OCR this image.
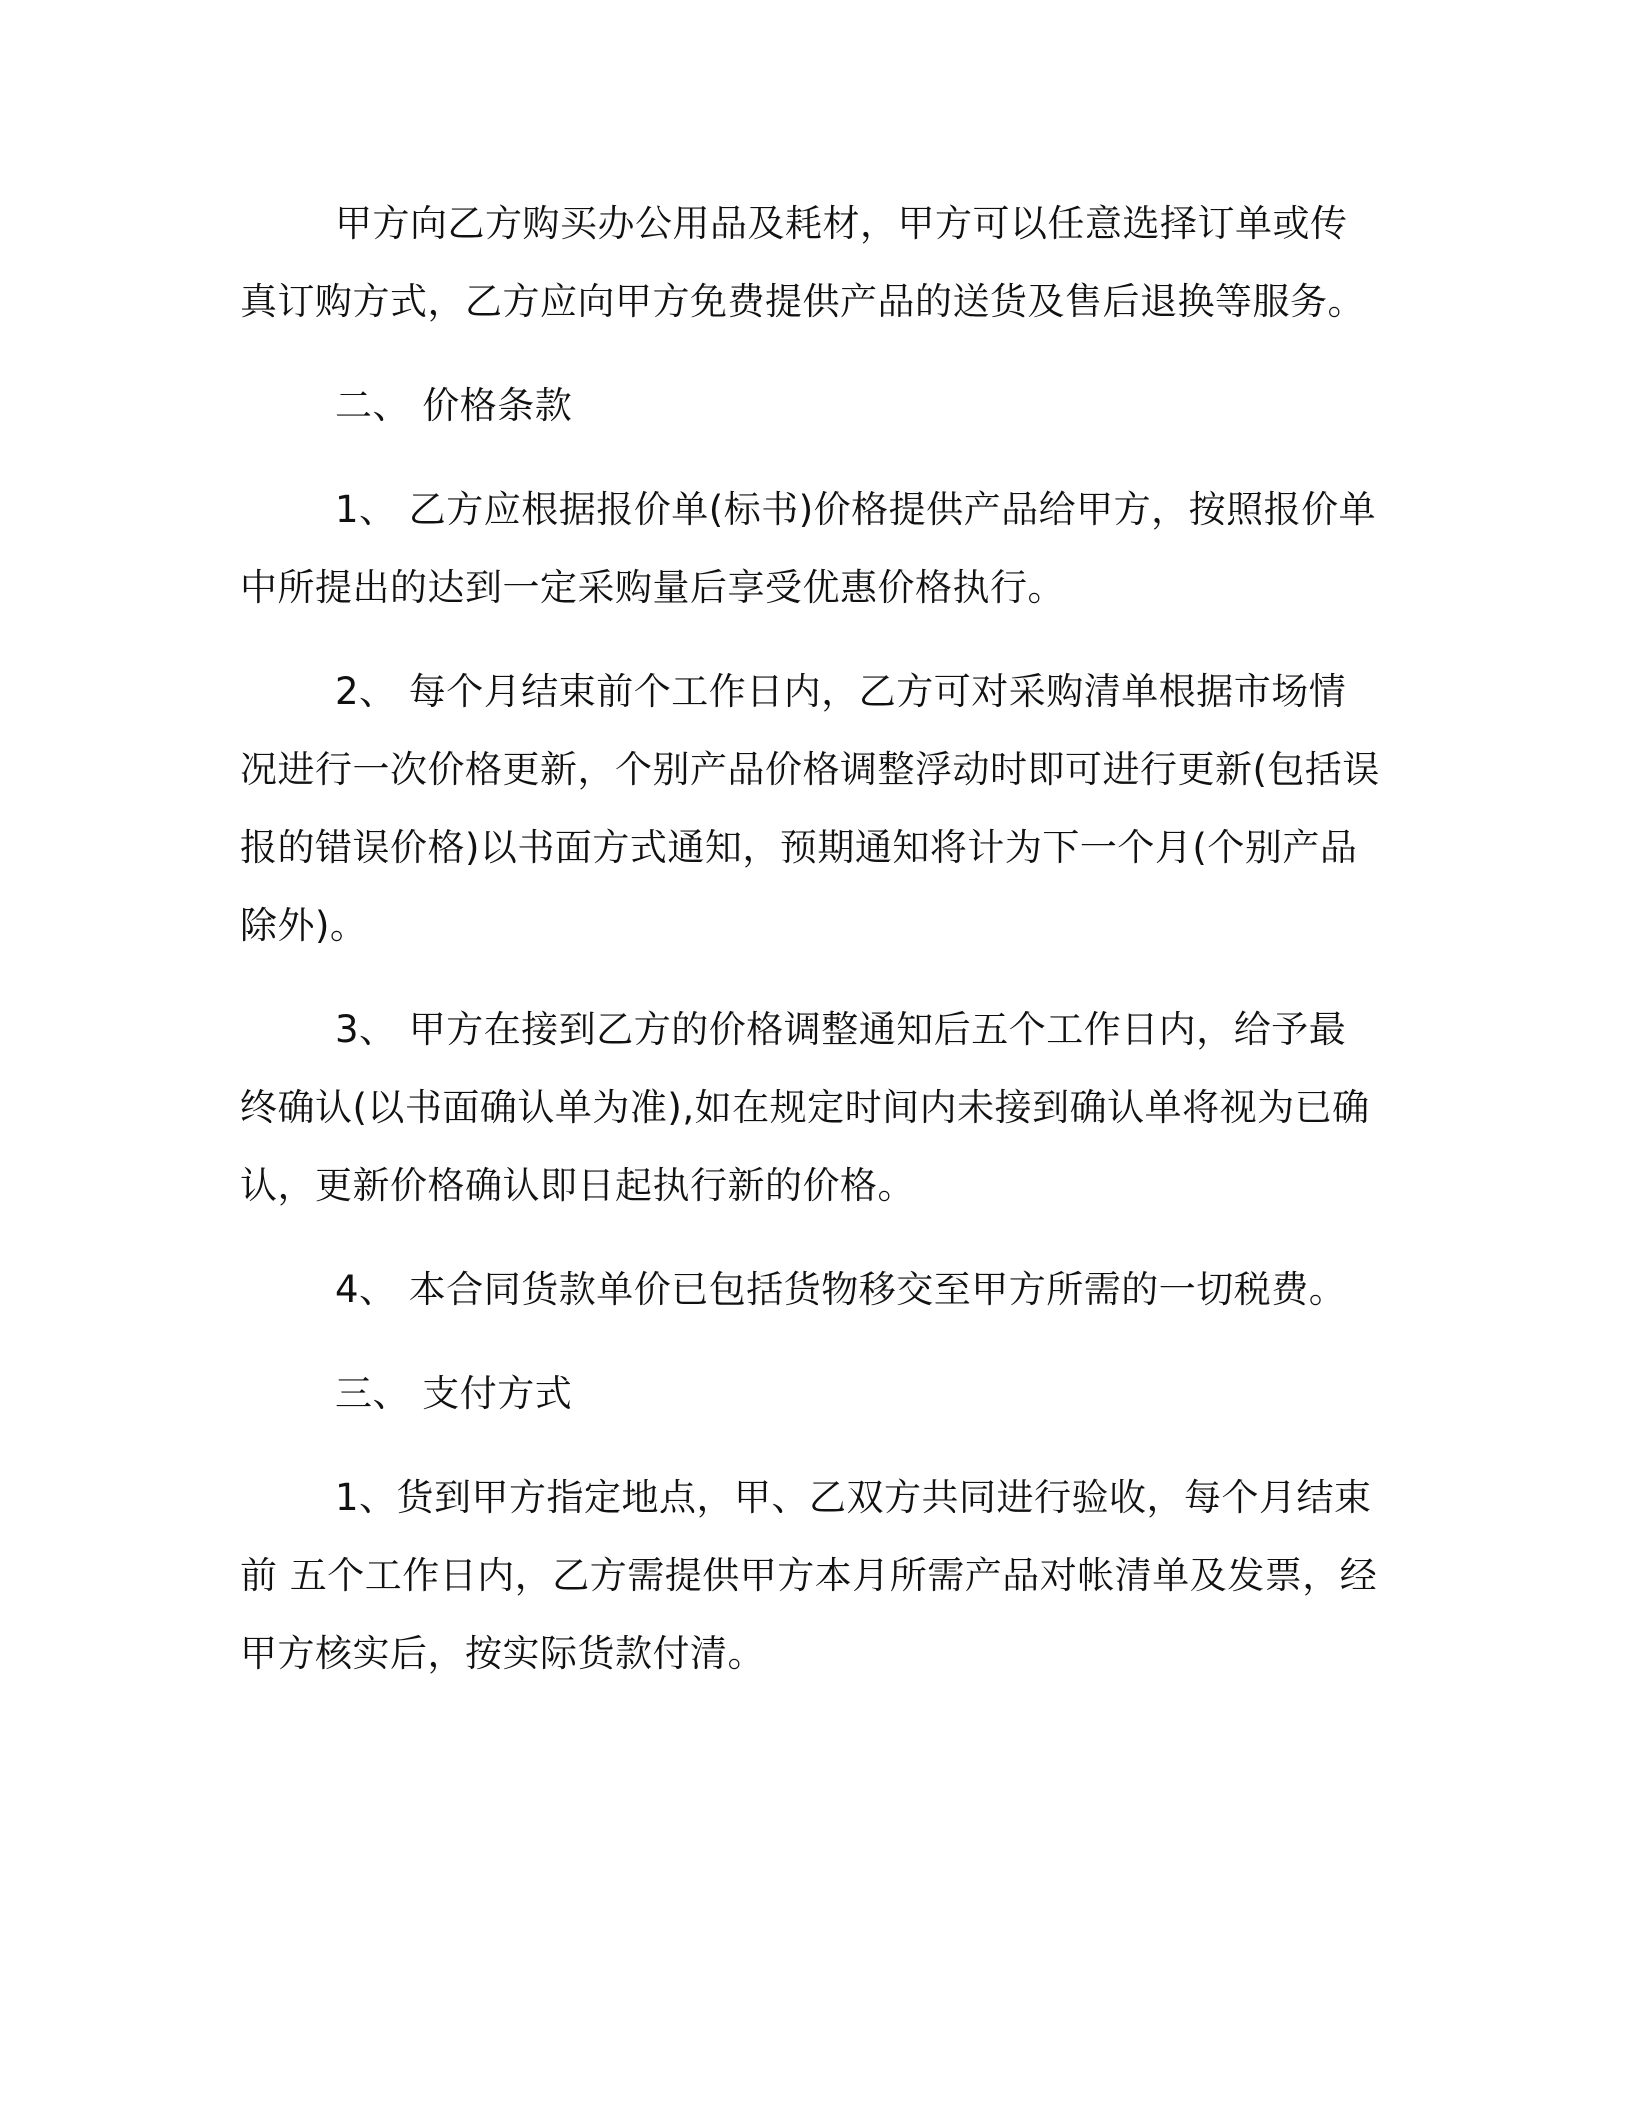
甲方向乙方购买办公用品及耗材，甲方可以任意选择订单或传真订购方式，乙方应向甲方免费提供产品的送货及售后退换等服务。

二、 价格条款

1、 乙方应根据报价单(标书)价格提供产品给甲方，按照报价单中所提出的达到一定采购量后享受优惠价格执行。

2、 每个月结束前个工作日内，乙方可对采购清单根据市场情况进行一次价格更新，个别产品价格调整浮动时即可进行更新(包括误报的错误价格)以书面方式通知，预期通知将计为下一个月(个别产品除外)。

3、 甲方在接到乙方的价格调整通知后五个工作日内，给予最终确认(以书面确认单为准),如在规定时间内未接到确认单将视为已确认，更新价格确认即日起执行新的价格。

4、 本合同货款单价已包括货物移交至甲方所需的一切税费。

三、 支付方式

1、货到甲方指定地点，甲、乙双方共同进行验收，每个月结束前 五个工作日内，乙方需提供甲方本月所需产品对帐清单及发票，经甲方核实后，按实际货款付清。
